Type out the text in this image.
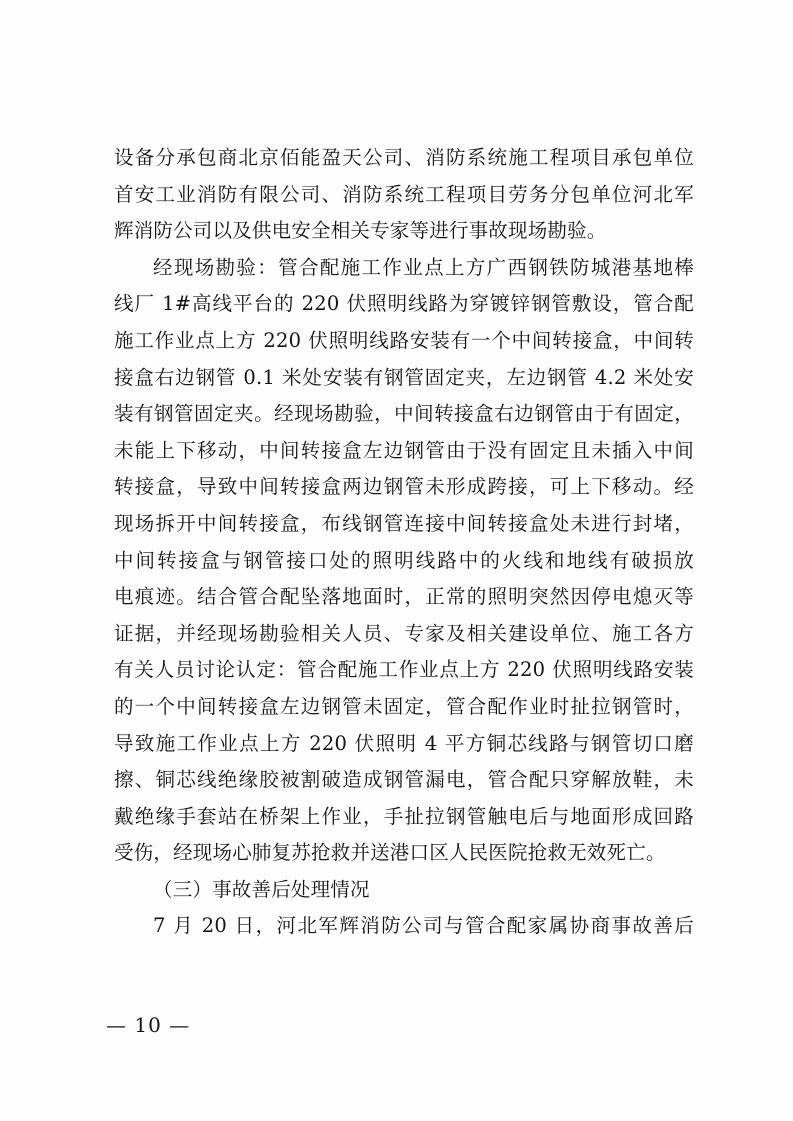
设备分承包商北京佰能盈天公司、消防系统施工程项目承包单位
首安工业消防有限公司、消防系统工程项目劳务分包单位河北军
辉消防公司以及供电安全相关专家等进行事故现场勘验。
经现场勘验：管合配施工作业点上方广西钢铁防城港基地棒
线厂 1#高线平台的 220 伏照明线路为穿镀锌钢管敷设，管合配
施工作业点上方 220 伏照明线路安装有一个中间转接盒，中间转
接盒右边钢管 0.1 米处安装有钢管固定夹，左边钢管 4.2 米处安
装有钢管固定夹。经现场勘验，中间转接盒右边钢管由于有固定，
未能上下移动，中间转接盒左边钢管由于没有固定且未插入中间
转接盒，导致中间转接盒两边钢管未形成跨接，可上下移动。经
现场拆开中间转接盒，布线钢管连接中间转接盒处未进行封堵，
中间转接盒与钢管接口处的照明线路中的火线和地线有破损放
电痕迹。结合管合配坠落地面时，正常的照明突然因停电熄灭等
证据，并经现场勘验相关人员、专家及相关建设单位、施工各方
有关人员讨论认定：管合配施工作业点上方 220 伏照明线路安装
的一个中间转接盒左边钢管未固定，管合配作业时扯拉钢管时，
导致施工作业点上方 220 伏照明 4 平方铜芯线路与钢管切口磨
擦、铜芯线绝缘胶被割破造成钢管漏电，管合配只穿解放鞋，未
戴绝缘手套站在桥架上作业，手扯拉钢管触电后与地面形成回路
受伤，经现场心肺复苏抢救并送港口区人民医院抢救无效死亡。
（三）事故善后处理情况
7 月 20 日，河北军辉消防公司与管合配家属协商事故善后
— 10 —
